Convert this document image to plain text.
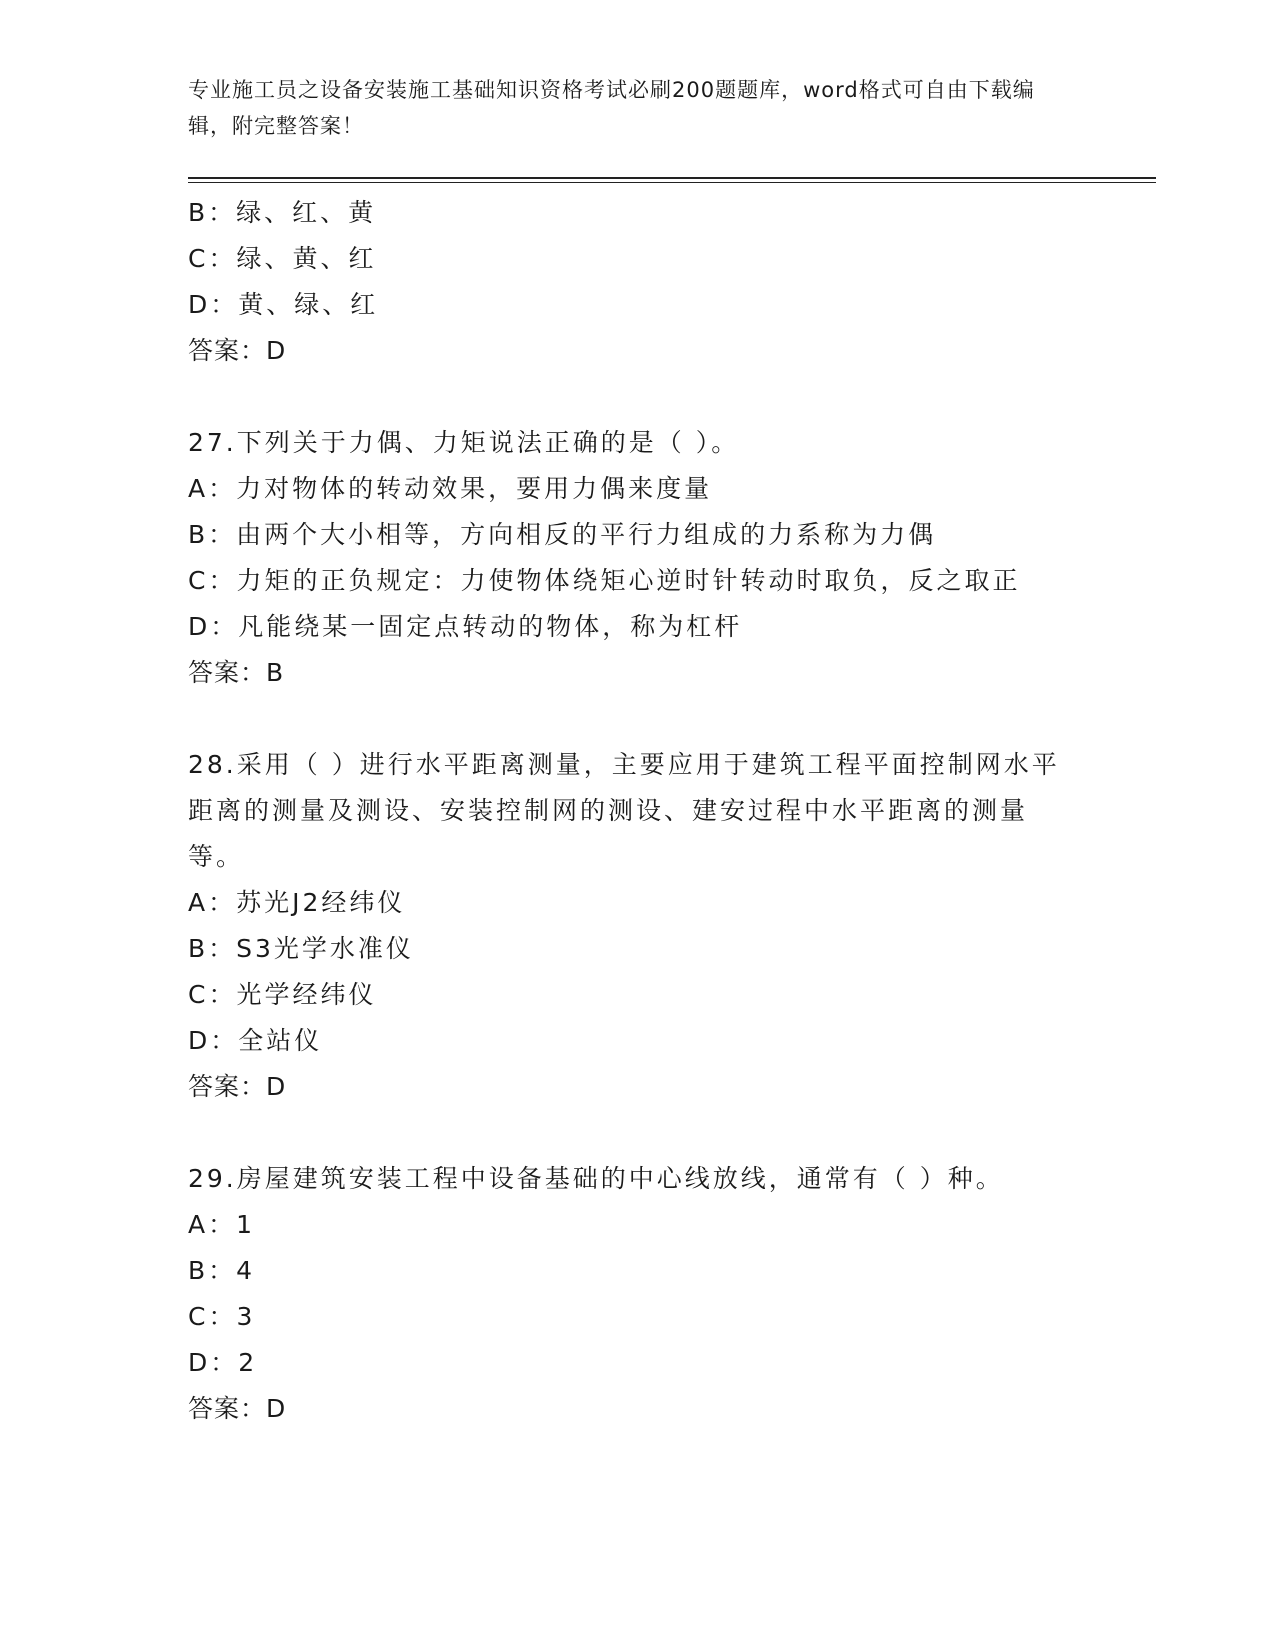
专业施工员之设备安装施工基础知识资格考试必刷200题题库，word格式可自由下载编辑，附完整答案！
B：绿、红、黄
C：绿、黄、红
D：黄、绿、红
答案：D
27.下列关于力偶、力矩说法正确的是（ ）。
A：力对物体的转动效果，要用力偶来度量
B：由两个大小相等，方向相反的平行力组成的力系称为力偶
C：力矩的正负规定：力使物体绕矩心逆时针转动时取负，反之取正
D：凡能绕某一固定点转动的物体，称为杠杆
答案：B
28.采用（ ）进行水平距离测量，主要应用于建筑工程平面控制网水平距离的测量及测设、安装控制网的测设、建安过程中水平距离的测量等。
A：苏光J2经纬仪
B：S3光学水准仪
C：光学经纬仪
D：全站仪
答案：D
29.房屋建筑安装工程中设备基础的中心线放线，通常有（ ）种。
A：1
B：4
C：3
D：2
答案：D
